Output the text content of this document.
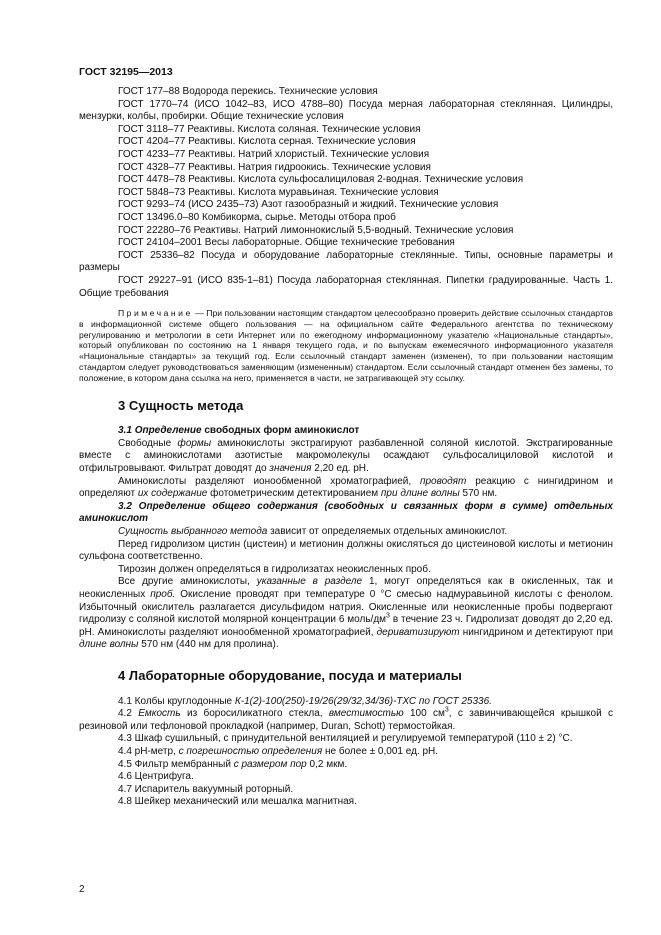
ГОСТ 32195—2013

ГОСТ 177–88 Водорода перекись. Технические условия

ГОСТ 1770–74 (ИСО 1042–83, ИСО 4788–80) Посуда мерная лабораторная стеклянная. Цилиндры, мензурки, колбы, пробирки. Общие технические условия

ГОСТ 3118–77 Реактивы. Кислота соляная. Технические условия

ГОСТ 4204–77 Реактивы. Кислота серная. Технические условия

ГОСТ 4233–77 Реактивы. Натрий хлористый. Технические условия

ГОСТ 4328–77 Реактивы. Натрия гидроокись. Технические условия

ГОСТ 4478–78 Реактивы. Кислота сульфосалициловая 2-водная. Технические условия

ГОСТ 5848–73 Реактивы. Кислота муравьиная. Технические условия

ГОСТ 9293–74 (ИСО 2435–73) Азот газообразный и жидкий. Технические условия

ГОСТ 13496.0–80 Комбикорма, сырье. Методы отбора проб

ГОСТ 22280–76 Реактивы. Натрий лимоннокислый 5,5-водный. Технические условия

ГОСТ 24104–2001 Весы лабораторные. Общие технические требования

ГОСТ 25336–82 Посуда и оборудование лабораторные стеклянные. Типы, основные параметры и размеры

ГОСТ 29227–91 (ИСО 835-1–81) Посуда лабораторная стеклянная. Пипетки градуированные. Часть 1. Общие требования

Примечание — При пользовании настоящим стандартом целесообразно проверить действие ссылочных стандартов в информационной системе общего пользования — на официальном сайте Федерального агентства по техническому регулированию и метрологии в сети Интернет или по ежегодному информационному указателю «Национальные стандарты», который опубликован по состоянию на 1 января текущего года, и по выпускам ежемесячного информационного указателя «Национальные стандарты» за текущий год. Если ссылочный стандарт заменен (изменен), то при пользовании настоящим стандартом следует руководствоваться заменяющим (измененным) стандартом. Если ссылочный стандарт отменен без замены, то положение, в котором дана ссылка на него, применяется в части, не затрагивающей эту ссылку.

3 Сущность метода

3.1 Определение свободных форм аминокислот

Свободные формы аминокислоты экстрагируют разбавленной соляной кислотой. Экстрагированные вместе с аминокислотами азотистые макромолекулы осаждают сульфосалициловой кислотой и отфильтровывают. Фильтрат доводят до значения 2,20 ед. рН.

Аминокислоты разделяют ионообменной хроматографией, проводят реакцию с нингидрином и определяют их содержание фотометрическим детектированием при длине волны 570 нм.

3.2 Определение общего содержания (свободных и связанных форм в сумме) отдельных аминокислот

Сущность выбранного метода зависит от определяемых отдельных аминокислот.

Перед гидролизом цистин (цистеин) и метионин должны окисляться до цистеиновой кислоты и метионин сульфона соответственно.

Тирозин должен определяться в гидролизатах неокисленных проб.

Все другие аминокислоты, указанные в разделе 1, могут определяться как в окисленных, так и неокисленных проб. Окисление проводят при температуре 0 °С смесью надмуравьиной кислоты с фенолом. Избыточный окислитель разлагается дисульфидом натрия. Окисленные или неокисленные пробы подвергают гидролизу с соляной кислотой молярной концентрации 6 моль/$дм^3$ в течение 23 ч. Гидролизат доводят до 2,20 ед. рН. Аминокислоты разделяют ионообменной хроматографией, дериватизируют нингидрином и детектируют при длине волны 570 нм (440 нм для пролина).

4 Лабораторные оборудование, посуда и материалы

4.1 Колбы круглодонные К-1(2)-100(250)-19/26(29/32,34/36)-ТХС по ГОСТ 25336.

4.2 Емкость из боросиликатного стекла, вместимостью 100 $см^3$, с завинчивающейся крышкой с резиновой или тефлоновой прокладкой (например, Duran, Schott) термостойкая.

4.3 Шкаф сушильный, с принудительной вентиляцией и регулируемой температурой (110 ± 2) °С.

4.4 рН-метр, с погрешностью определения не более ± 0,001 ед. рН.

4.5 Фильтр мембранный с размером пор 0,2 мкм.

4.6 Центрифуга.

4.7 Испаритель вакуумный роторный.

4.8 Шейкер механический или мешалка магнитная.

2
